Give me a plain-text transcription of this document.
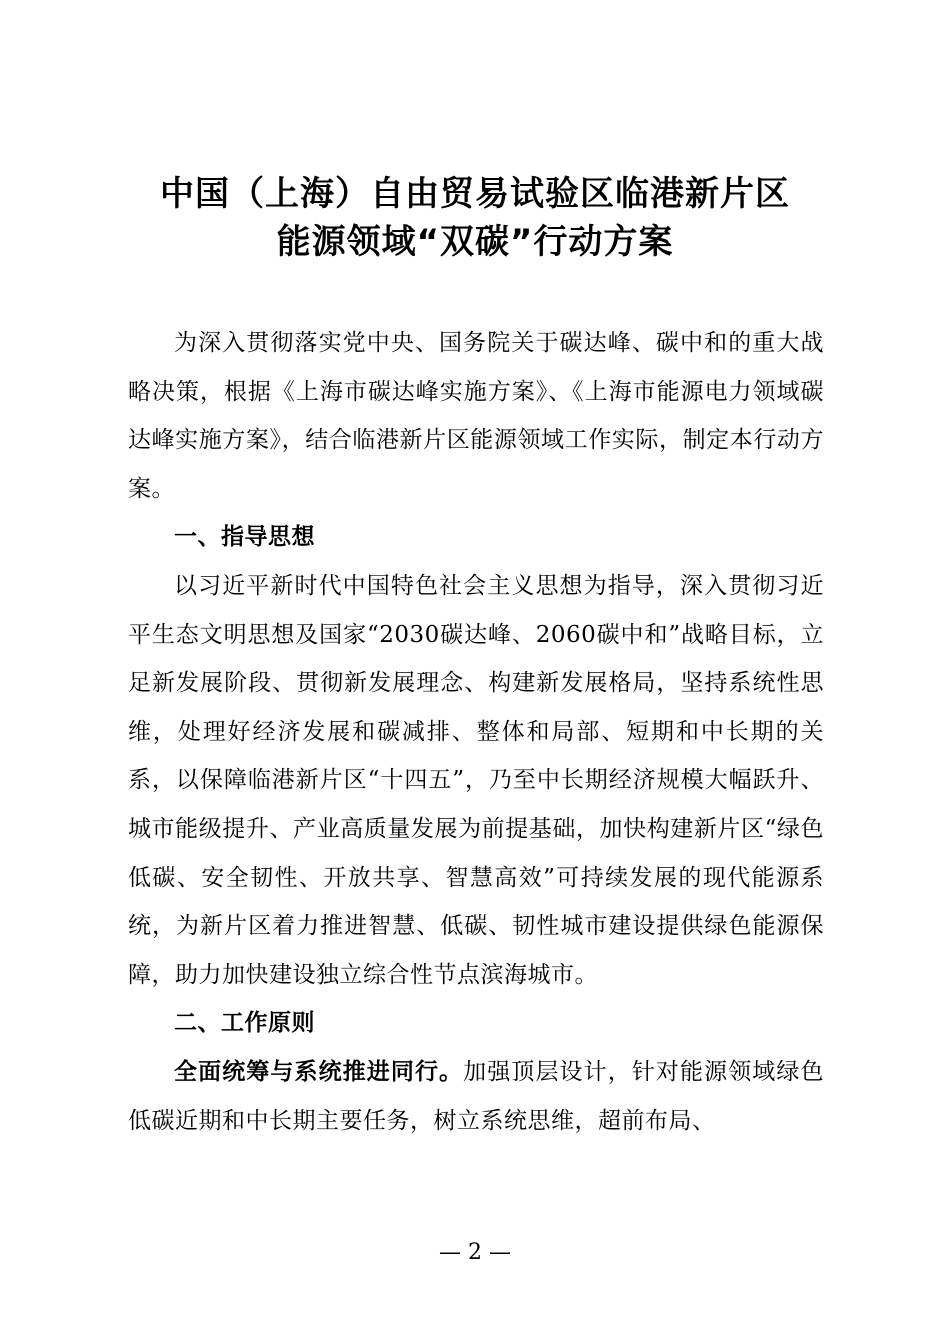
中国（上海）自由贸易试验区临港新片区
能源领域“双碳”行动方案

为深入贯彻落实党中央、国务院关于碳达峰、碳中和的重大战略决策，根据《上海市碳达峰实施方案》、《上海市能源电力领域碳达峰实施方案》，结合临港新片区能源领域工作实际，制定本行动方案。

一、指导思想

以习近平新时代中国特色社会主义思想为指导，深入贯彻习近平生态文明思想及国家“2030碳达峰、2060碳中和”战略目标，立足新发展阶段、贯彻新发展理念、构建新发展格局，坚持系统性思维，处理好经济发展和碳减排、整体和局部、短期和中长期的关系，以保障临港新片区“十四五”，乃至中长期经济规模大幅跃升、城市能级提升、产业高质量发展为前提基础，加快构建新片区“绿色低碳、安全韧性、开放共享、智慧高效”可持续发展的现代能源系统，为新片区着力推进智慧、低碳、韧性城市建设提供绿色能源保障，助力加快建设独立综合性节点滨海城市。

二、工作原则

全面统筹与系统推进同行。加强顶层设计，针对能源领域绿色低碳近期和中长期主要任务，树立系统思维，超前布局、

— 2 —
